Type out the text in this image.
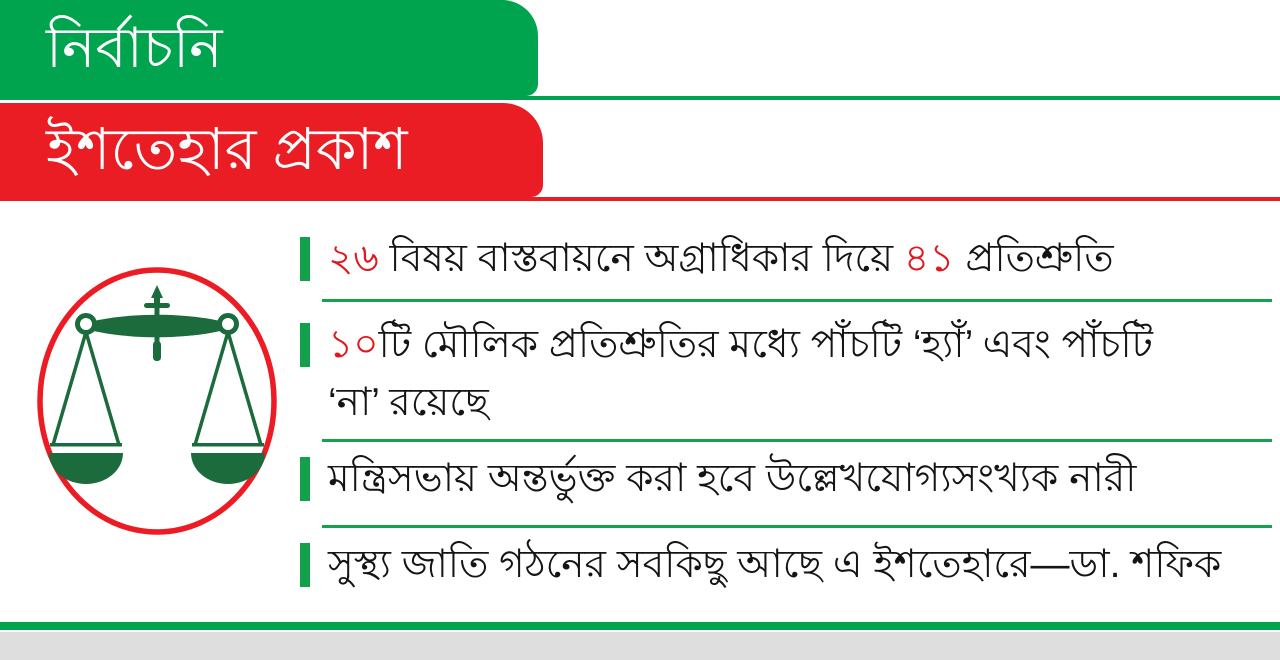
নির্বাচনি
ইশতেহার প্রকাশ
২৬ বিষয় বাস্তবায়নে অগ্রাধিকার দিয়ে ৪১ প্রতিশ্রুতি
১০টি মৌলিক প্রতিশ্রুতির মধ্যে পাঁচটি ‘হ্যাঁ’ এবং পাঁচটি ‘না’ রয়েছে
মন্ত্রিসভায় অন্তর্ভুক্ত করা হবে উল্লেখযোগ্যসংখ্যক নারী
সুস্থ্য জাতি গঠনের সবকিছু আছে এ ইশতেহারে—ডা. শফিক
